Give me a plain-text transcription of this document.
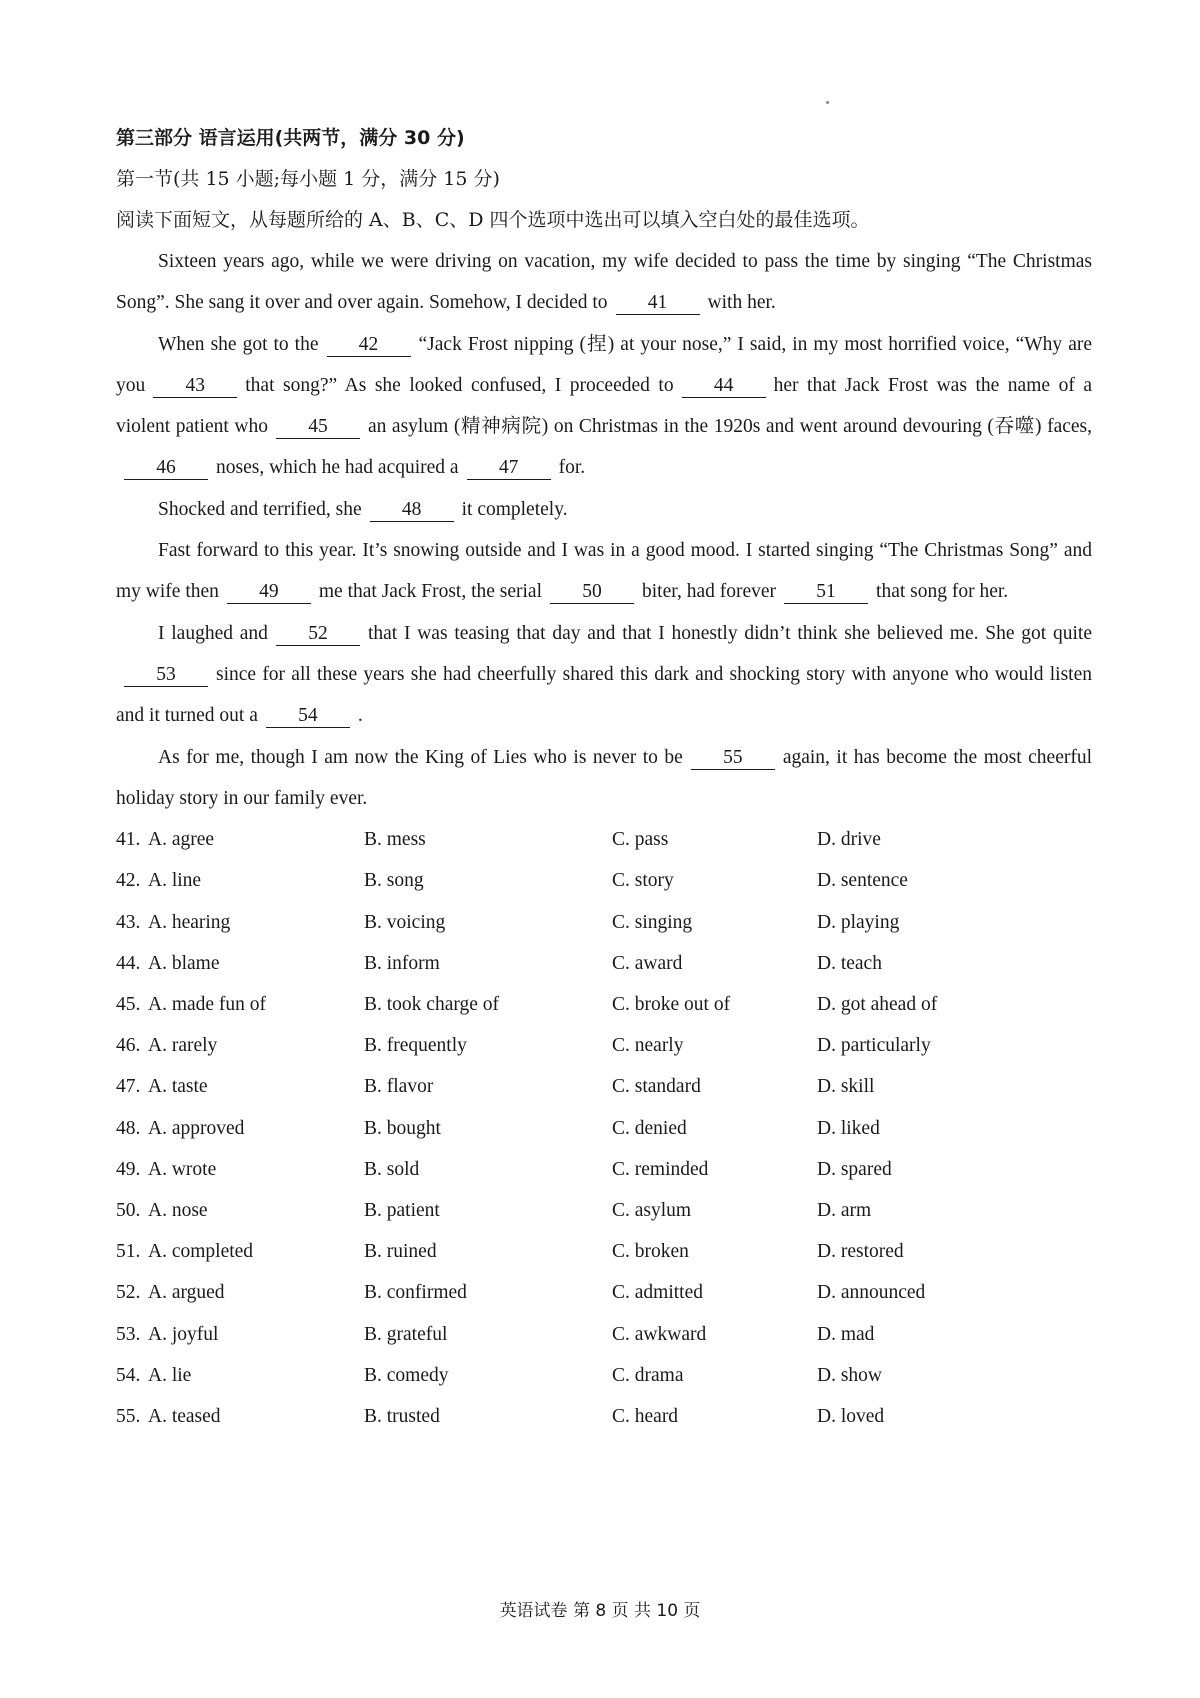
第三部分 语言运用(共两节，满分 30 分)
第一节(共 15 小题;每小题 1 分，满分 15 分)
阅读下面短文，从每题所给的 A、B、C、D 四个选项中选出可以填入空白处的最佳选项。

Sixteen years ago, while we were driving on vacation, my wife decided to pass the time by singing “The Christmas Song”. She sang it over and over again. Somehow, I decided to 41 with her.

When she got to the 42 “Jack Frost nipping (捏) at your nose,” I said, in my most horrified voice, “Why are you 43 that song?” As she looked confused, I proceeded to 44 her that Jack Frost was the name of a violent patient who 45 an asylum (精神病院) on Christmas in the 1920s and went around devouring (吞噬) faces,46 noses, which he had acquired a 47 for.

Shocked and terrified, she 48 it completely.

Fast forward to this year. It’s snowing outside and I was in a good mood. I started singing “The Christmas Song” and my wife then 49 me that Jack Frost, the serial 50 biter, had forever 51 that song for her.

I laughed and 52 that I was teasing that day and that I honestly didn’t think she believed me. She got quite53 since for all these years she had cheerfully shared this dark and shocking story with anyone who would listen and it turned out a 54 .

As for me, though I am now the King of Lies who is never to be 55 again, it has become the most cheerful holiday story in our family ever.

41. A. agree	B. mess	C. pass	D. drive
42. A. line	B. song	C. story	D. sentence
43. A. hearing	B. voicing	C. singing	D. playing
44. A. blame	B. inform	C. award	D. teach
45. A. made fun of	B. took charge of	C. broke out of	D. got ahead of
46. A. rarely	B. frequently	C. nearly	D. particularly
47. A. taste	B. flavor	C. standard	D. skill
48. A. approved	B. bought	C. denied	D. liked
49. A. wrote	B. sold	C. reminded	D. spared
50. A. nose	B. patient	C. asylum	D. arm
51. A. completed	B. ruined	C. broken	D. restored
52. A. argued	B. confirmed	C. admitted	D. announced
53. A. joyful	B. grateful	C. awkward	D. mad
54. A. lie	B. comedy	C. drama	D. show
55. A. teased	B. trusted	C. heard	D. loved
英语试卷 第 8 页 共 10 页
